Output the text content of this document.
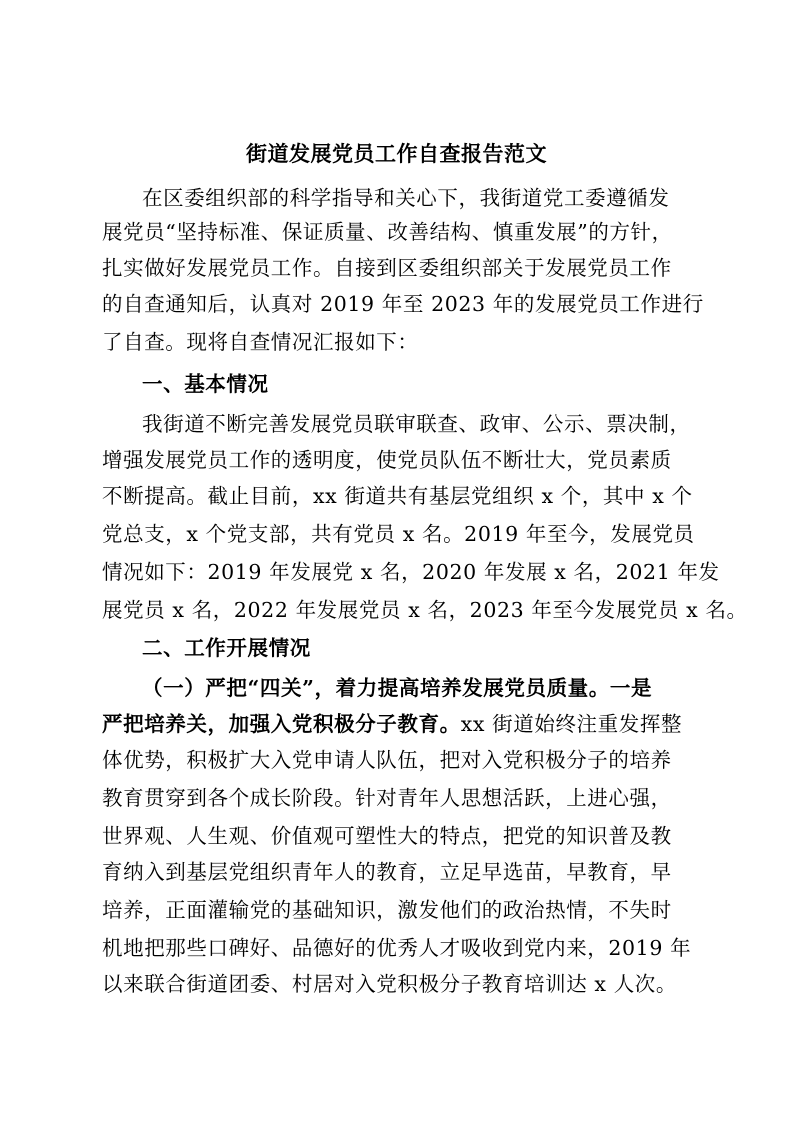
街道发展党员工作自查报告范文
在区委组织部的科学指导和关心下，我街道党工委遵循发
展党员“坚持标准、保证质量、改善结构、慎重发展”的方针，
扎实做好发展党员工作。自接到区委组织部关于发展党员工作
的自查通知后，认真对 2019 年至 2023 年的发展党员工作进行
了自查。现将自查情况汇报如下：
一、基本情况
我街道不断完善发展党员联审联查、政审、公示、票决制，
增强发展党员工作的透明度，使党员队伍不断壮大，党员素质
不断提高。截止目前，xx 街道共有基层党组织 x 个，其中 x 个
党总支，x 个党支部，共有党员 x 名。2019 年至今，发展党员
情况如下：2019 年发展党 x 名，2020 年发展 x 名，2021 年发
展党员 x 名，2022 年发展党员 x 名，2023 年至今发展党员 x 名。
二、工作开展情况
（一）严把“四关”，着力提高培养发展党员质量。一是
严把培养关，加强入党积极分子教育。xx 街道始终注重发挥整
体优势，积极扩大入党申请人队伍，把对入党积极分子的培养
教育贯穿到各个成长阶段。针对青年人思想活跃，上进心强，
世界观、人生观、价值观可塑性大的特点，把党的知识普及教
育纳入到基层党组织青年人的教育，立足早选苗，早教育，早
培养，正面灌输党的基础知识，激发他们的政治热情，不失时
机地把那些口碑好、品德好的优秀人才吸收到党内来，2019 年
以来联合街道团委、村居对入党积极分子教育培训达 x 人次。
